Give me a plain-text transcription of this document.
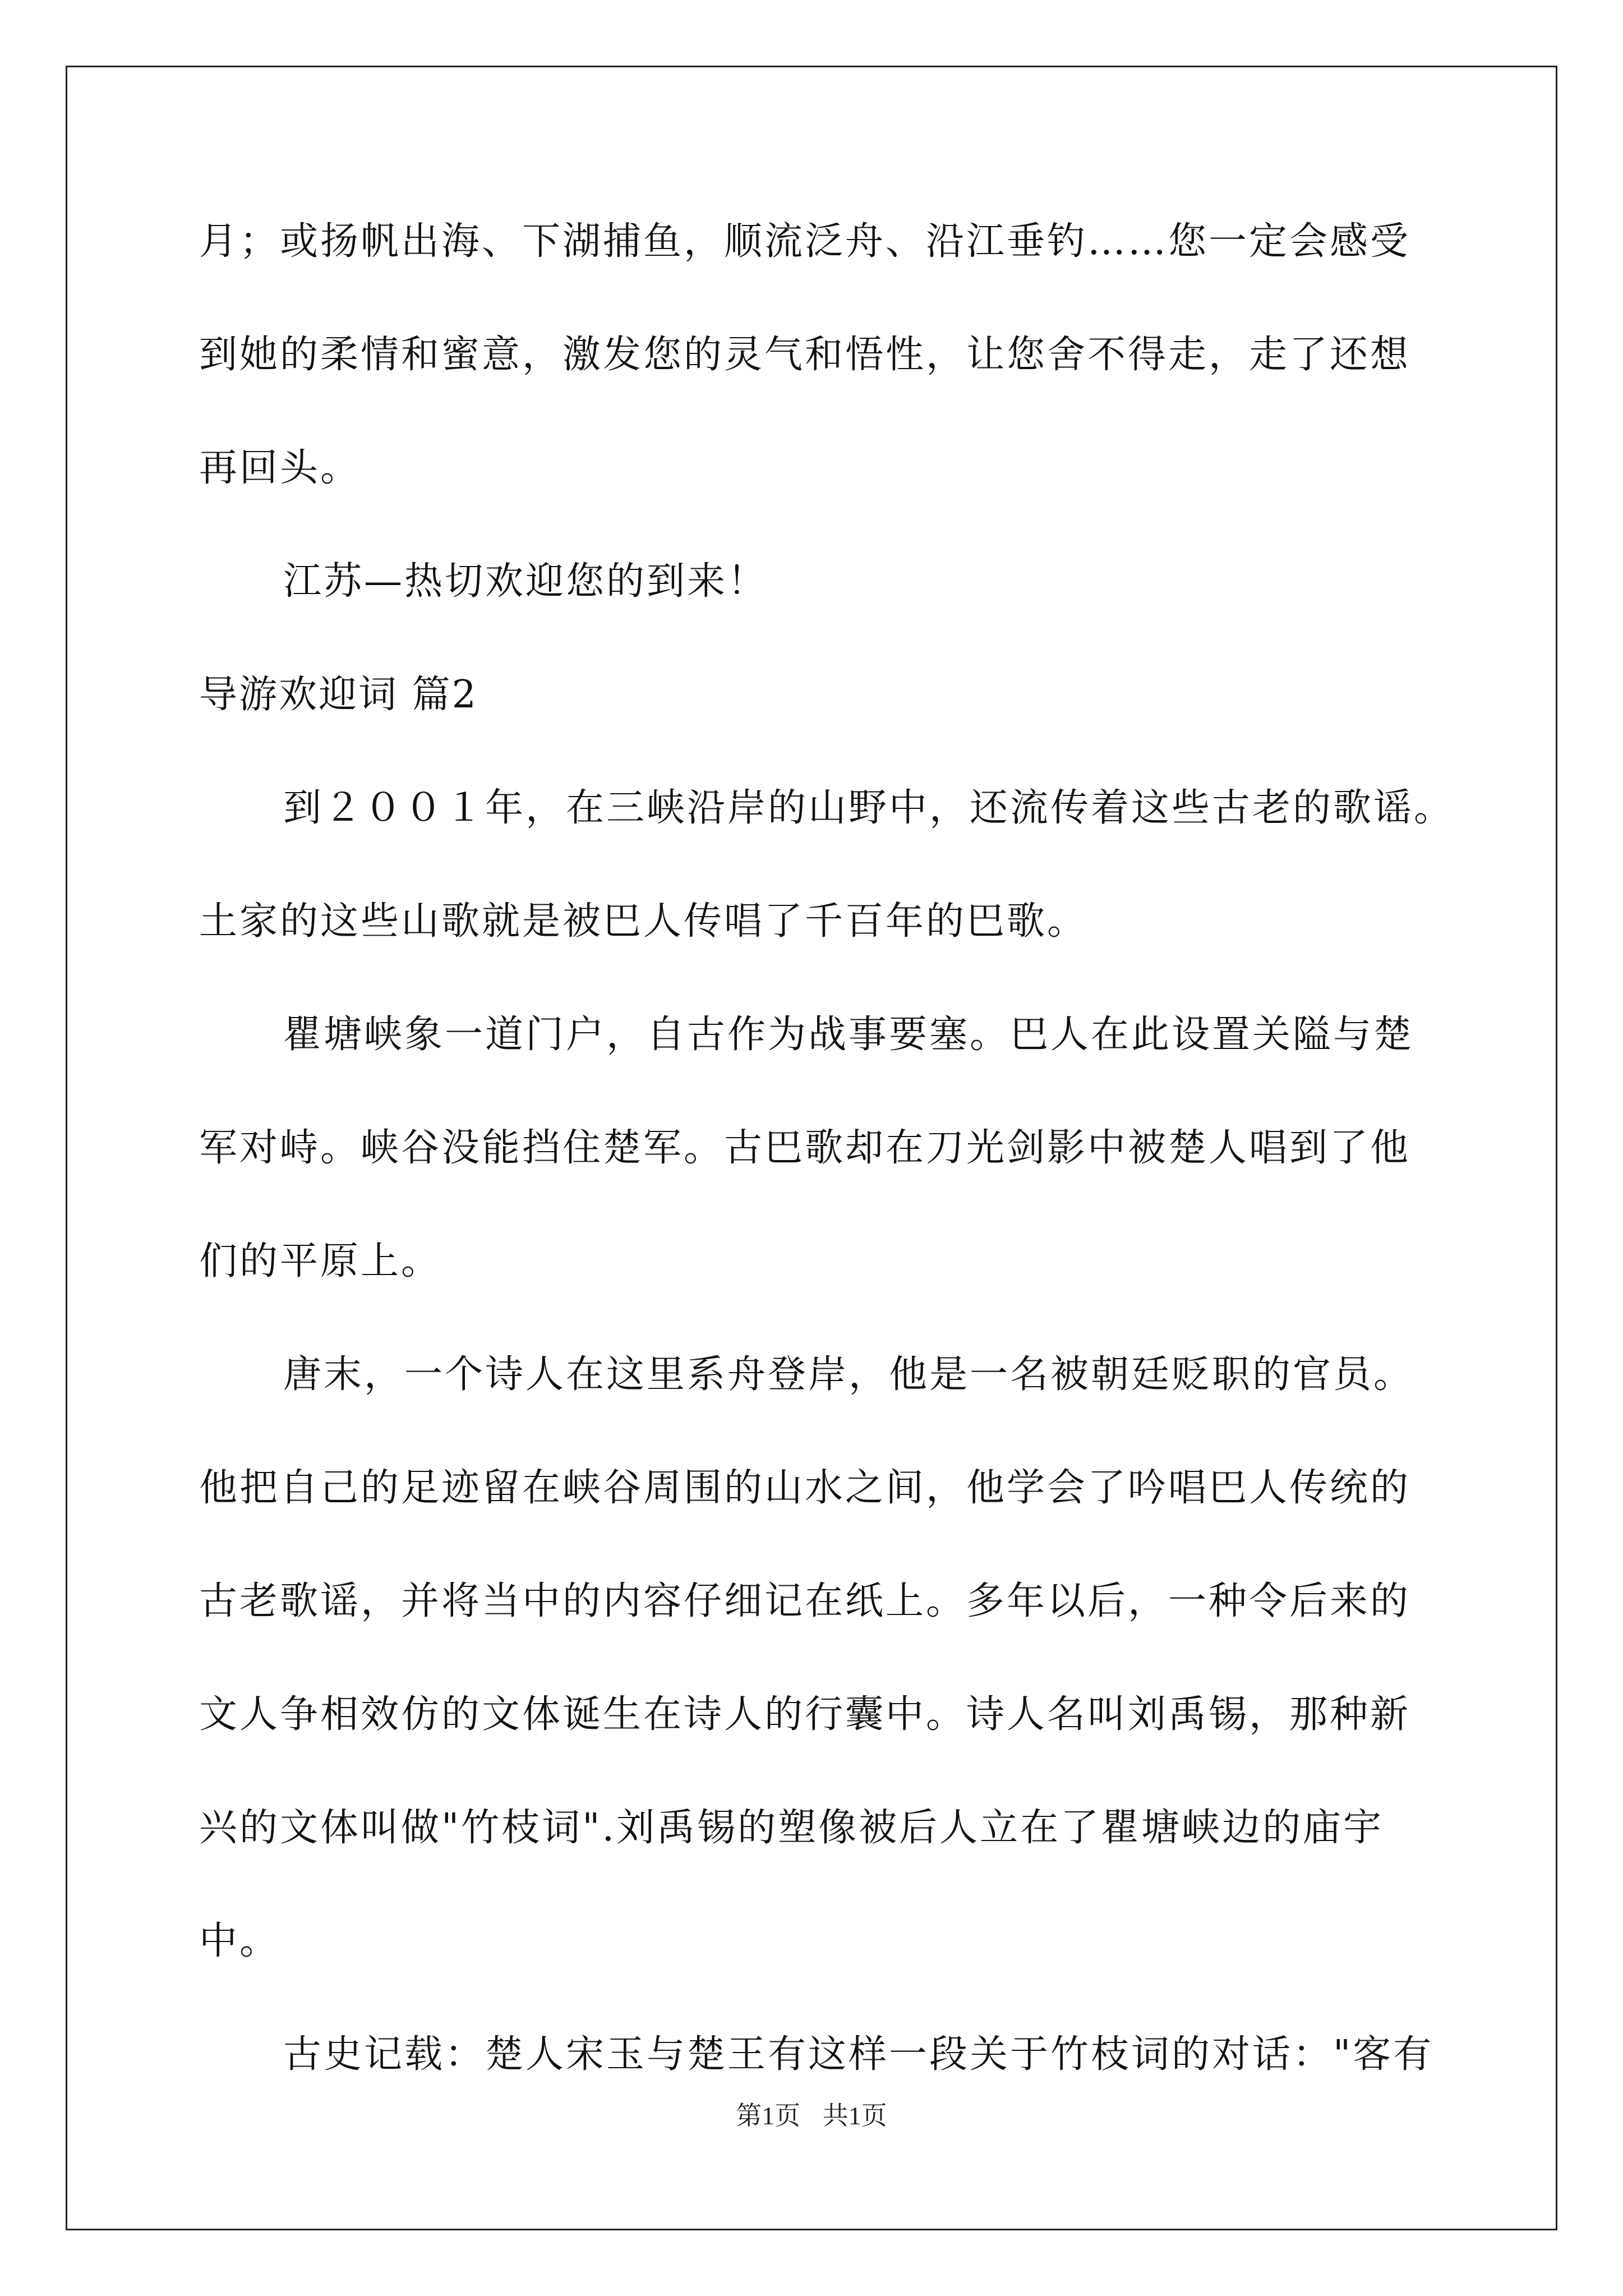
月；或扬帆出海、下湖捕鱼，顺流泛舟、沿江垂钓……您一定会感受
到她的柔情和蜜意，激发您的灵气和悟性，让您舍不得走，走了还想
再回头。
江苏—热切欢迎您的到来！
导游欢迎词 篇2
到２００１年，在三峡沿岸的山野中，还流传着这些古老的歌谣。
土家的这些山歌就是被巴人传唱了千百年的巴歌。
瞿塘峡象一道门户，自古作为战事要塞。巴人在此设置关隘与楚
军对峙。峡谷没能挡住楚军。古巴歌却在刀光剑影中被楚人唱到了他
们的平原上。
唐末，一个诗人在这里系舟登岸，他是一名被朝廷贬职的官员。
他把自己的足迹留在峡谷周围的山水之间，他学会了吟唱巴人传统的
古老歌谣，并将当中的内容仔细记在纸上。多年以后，一种令后来的
文人争相效仿的文体诞生在诗人的行囊中。诗人名叫刘禹锡，那种新
兴的文体叫做"竹枝词".刘禹锡的塑像被后人立在了瞿塘峡边的庙宇
中。
古史记载：楚人宋玉与楚王有这样一段关于竹枝词的对话："客有
第1页 共1页
